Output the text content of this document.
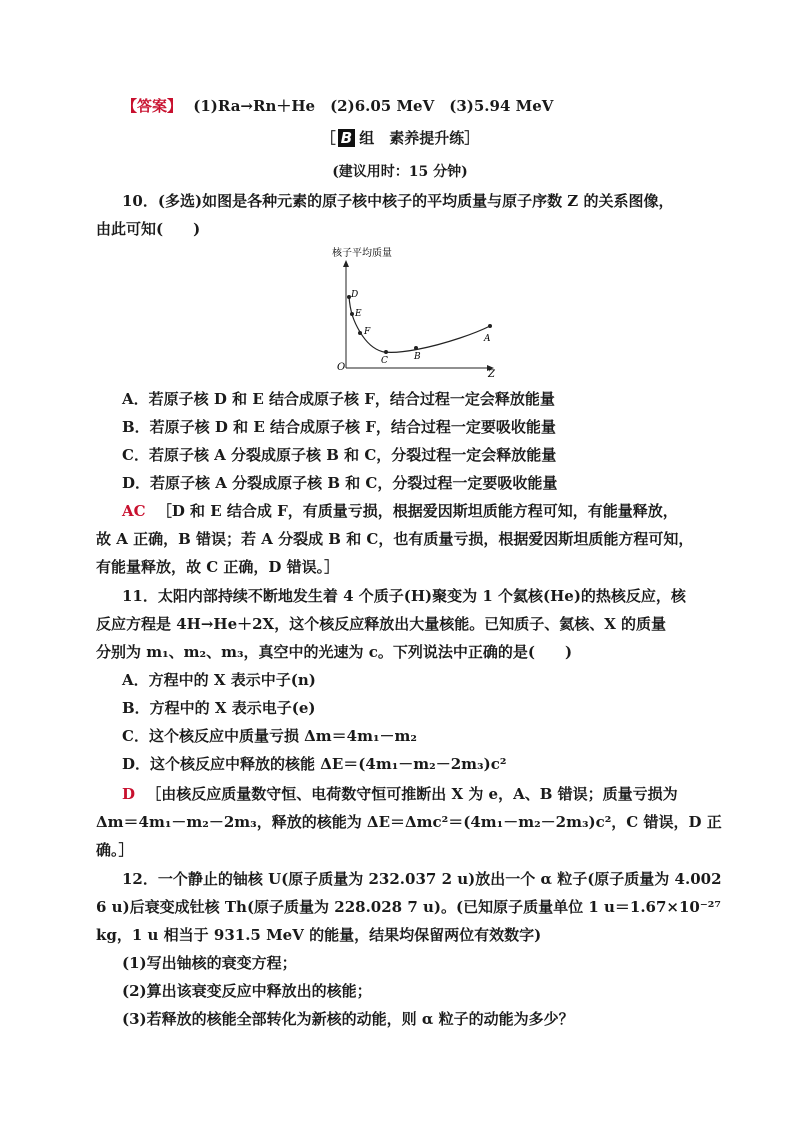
【答案】 (1)Ra→Rn＋He　(2)6.05 MeV　(3)5.94 MeV
［ B 组　素养提升练］
(建议用时：15 分钟)
10．(多选)如图是各种元素的原子核中核子的平均质量与原子序数 Z 的关系图像，
由此可知(　　)
核子平均质量
O
Z
D
E
F
C	B
A
A．若原子核 D 和 E 结合成原子核 F，结合过程一定会释放能量
B．若原子核 D 和 E 结合成原子核 F，结合过程一定要吸收能量
C．若原子核 A 分裂成原子核 B 和 C，分裂过程一定会释放能量
D．若原子核 A 分裂成原子核 B 和 C，分裂过程一定要吸收能量
AC ［D 和 E 结合成 F，有质量亏损，根据爱因斯坦质能方程可知，有能量释放，
故 A 正确，B 错误；若 A 分裂成 B 和 C，也有质量亏损，根据爱因斯坦质能方程可知，
有能量释放，故 C 正确，D 错误。］
11．太阳内部持续不断地发生着 4 个质子(H)聚变为 1 个氦核(He)的热核反应，核
反应方程是 4H→He＋2X，这个核反应释放出大量核能。已知质子、氦核、X 的质量
分别为 m₁、m₂、m₃，真空中的光速为 c。下列说法中正确的是(　　)
A．方程中的 X 表示中子(n)
B．方程中的 X 表示电子(e)
C．这个核反应中质量亏损 Δm＝4m₁－m₂
D．这个核反应中释放的核能 ΔE＝(4m₁－m₂－2m₃)c²
D ［由核反应质量数守恒、电荷数守恒可推断出 X 为 e，A、B 错误；质量亏损为
Δm＝4m₁－m₂－2m₃，释放的核能为 ΔE＝Δmc²＝(4m₁－m₂－2m₃)c²，C 错误，D 正
确。］
12．一个静止的铀核 U(原子质量为 232.037 2 u)放出一个 α 粒子(原子质量为 4.002
6 u)后衰变成钍核 Th(原子质量为 228.028 7 u)。(已知原子质量单位 1 u＝1.67×10⁻²⁷
kg，1 u 相当于 931.5 MeV 的能量，结果均保留两位有效数字)
(1)写出铀核的衰变方程；
(2)算出该衰变反应中释放出的核能；
(3)若释放的核能全部转化为新核的动能，则 α 粒子的动能为多少？
